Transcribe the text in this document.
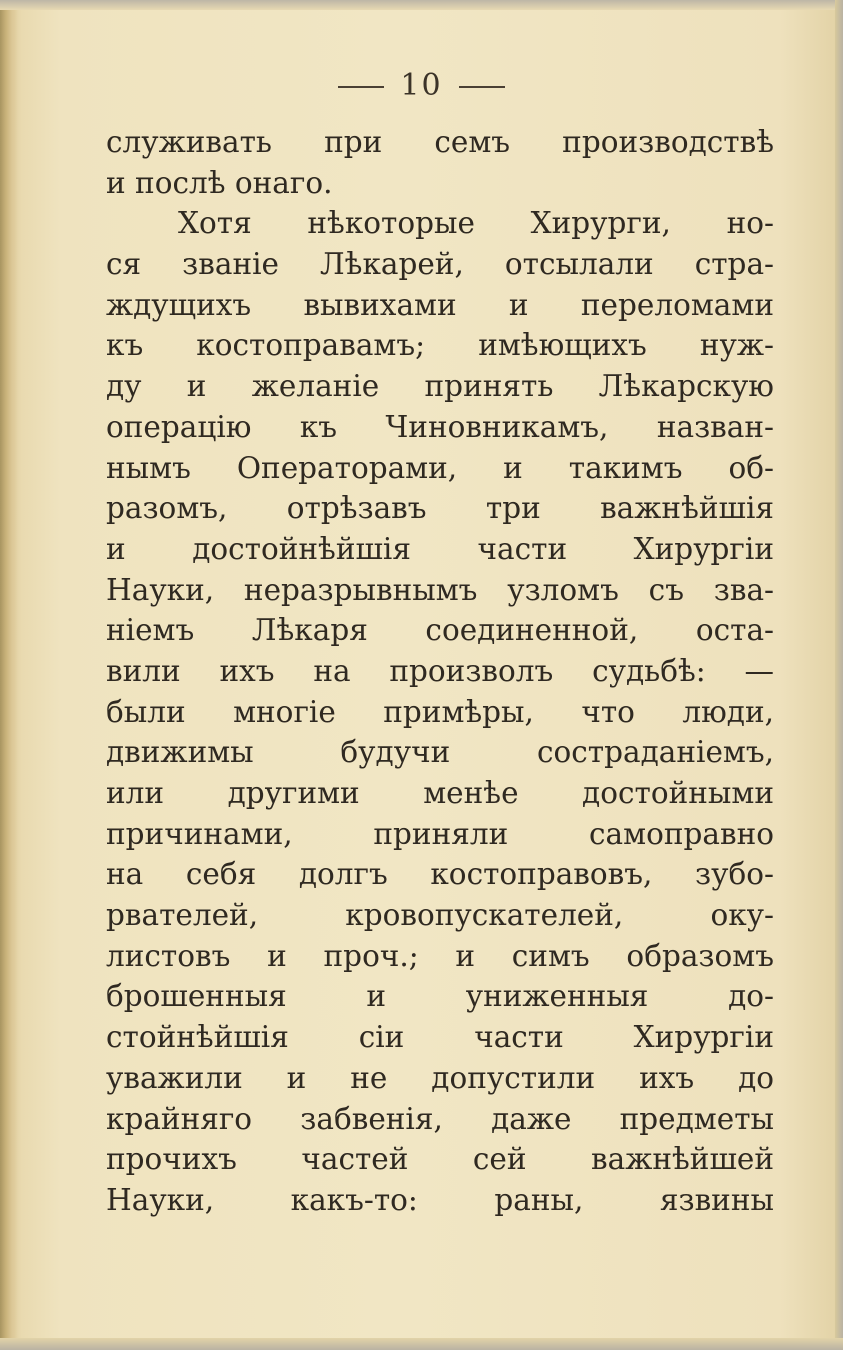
10
служивать при семъ производствѣ
и послѣ онаго.
Хотя нѣкоторые Хирурги, но-
ся званіе Лѣкарей, отсылали стра-
ждущихъ вывихами и переломами
къ костоправамъ; имѣющихъ нуж-
ду и желаніе принять Лѣкарскую
операцію къ Чиновникамъ, назван-
нымъ Операторами, и такимъ об-
разомъ, отрѣзавъ три важнѣйшія
и достойнѣйшія части Хирургіи
Науки, неразрывнымъ узломъ съ зва-
ніемъ Лѣкаря соединенной, оста-
вили ихъ на произволъ судьбѣ: —
были многіе примѣры, что люди,
движимы будучи состраданіемъ,
или другими менѣе достойными
причинами, приняли самоправно
на себя долгъ костоправовъ, зубо-
рвателей, кровопускателей, оку-
листовъ и проч.; и симъ образомъ
брошенныя и униженныя до-
стойнѣйшія сіи части Хирургіи
уважили и не допустили ихъ до
крайняго забвенія, даже предметы
прочихъ частей сей важнѣйшей
Науки, какъ-то: раны, язвины
